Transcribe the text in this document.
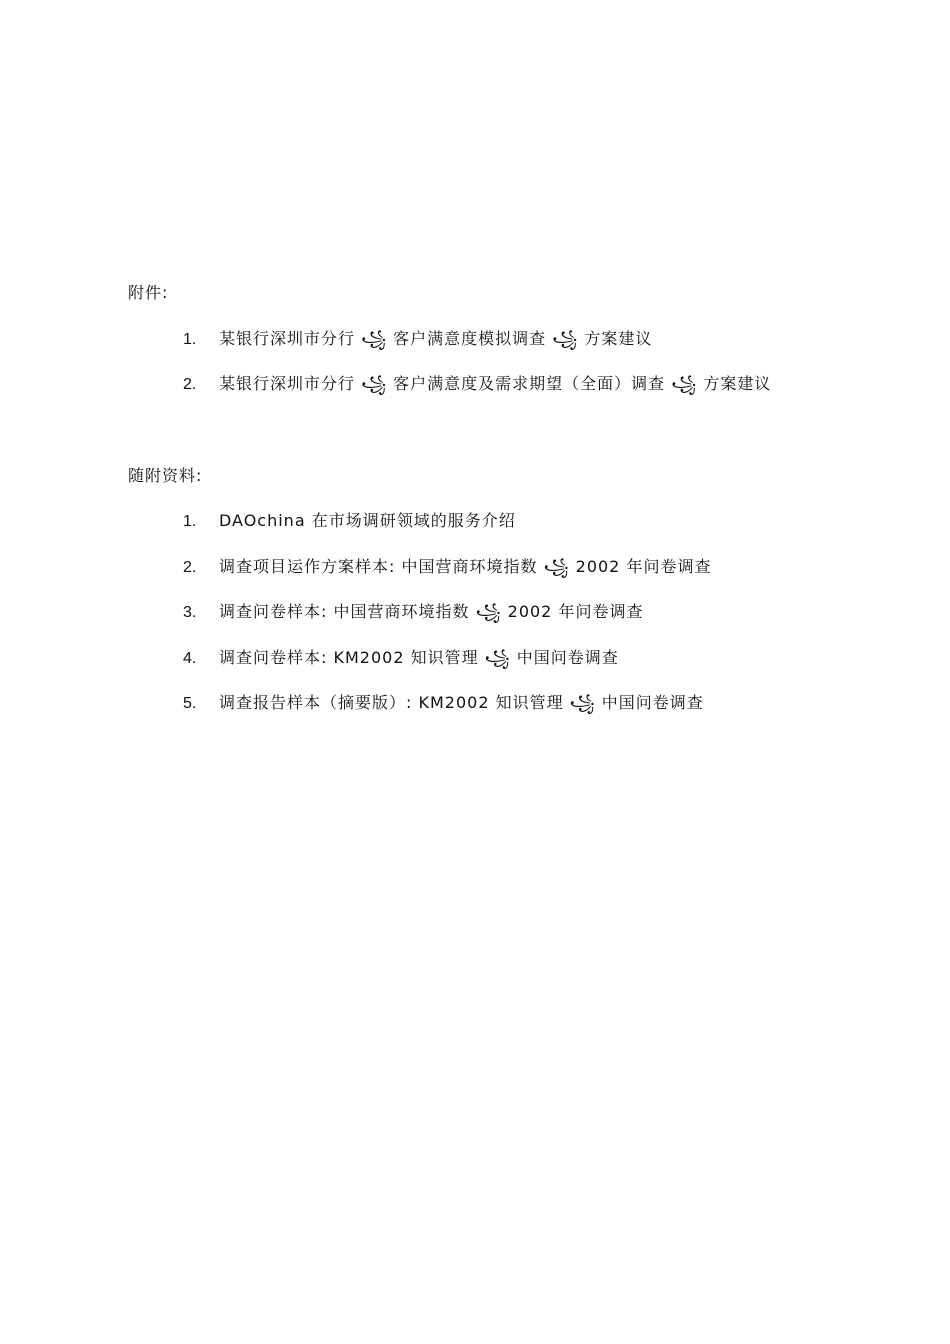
附件:
1.	某银行深圳市分行 ꧁ 客户满意度模拟调查 ꧁ 方案建议
2.	某银行深圳市分行 ꧁ 客户满意度及需求期望（全面）调查 ꧁ 方案建议
随附资料:
1.	DAOchina 在市场调研领域的服务介绍
2.	调查项目运作方案样本: 中国营商环境指数 ꧁ 2002 年问卷调查
3.	调查问卷样本: 中国营商环境指数 ꧁ 2002 年问卷调查
4.	调查问卷样本: KM2002 知识管理 ꧁ 中国问卷调查
5.	调查报告样本（摘要版）: KM2002 知识管理 ꧁ 中国问卷调查
